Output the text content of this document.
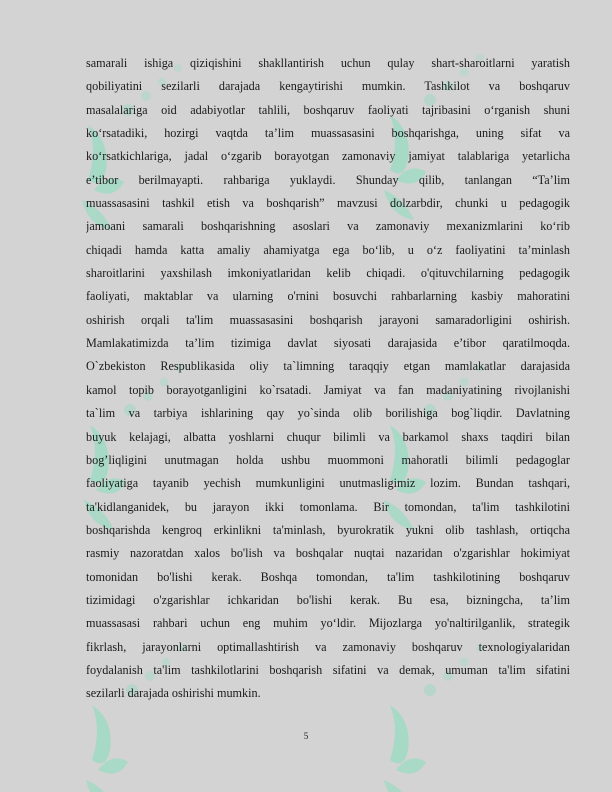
samarali ishiga qiziqishini shakllantirish uchun qulay shart-sharoitlarni yaratish
qobiliyatini sezilarli darajada kengaytirishi mumkin. Tashkilot va boshqaruv
masalalariga oid adabiyotlar tahlili, boshqaruv faoliyati tajribasini o‘rganish shuni
ko‘rsatadiki, hozirgi vaqtda ta’lim muassasasini boshqarishga, uning sifat va
ko‘rsatkichlariga, jadal o‘zgarib borayotgan zamonaviy jamiyat talablariga yetarlicha
e’tibor berilmayapti. rahbariga yuklaydi. Shunday qilib, tanlangan “Ta’lim
muassasasini tashkil etish va boshqarish” mavzusi dolzarbdir, chunki u pedagogik
jamoani samarali boshqarishning asoslari va zamonaviy mexanizmlarini ko‘rib
chiqadi hamda katta amaliy ahamiyatga ega bo‘lib, u o‘z faoliyatini ta’minlash
sharoitlarini yaxshilash imkoniyatlaridan kelib chiqadi. o'qituvchilarning pedagogik
faoliyati, maktablar va ularning o'rnini bosuvchi rahbarlarning kasbiy mahoratini
oshirish orqali ta'lim muassasasini boshqarish jarayoni samaradorligini oshirish.
Mamlakatimizda ta’lim tizimiga davlat siyosati darajasida e’tibor qaratilmoqda.
O`zbekiston Respublikasida oliy ta`limning taraqqiy etgan mamlakatlar darajasida
kamol topib borayotganligini ko`rsatadi. Jamiyat va fan madaniyatining rivojlanishi
ta`lim va tarbiya ishlarining qay yo`sinda olib borilishiga bog`liqdir. Davlatning
buyuk kelajagi, albatta yoshlarni chuqur bilimli va barkamol shaxs taqdiri bilan
bog’liqligini unutmagan holda ushbu muommoni mahoratli bilimli pedagoglar
faoliyatiga tayanib yechish mumkunligini unutmasligimiz lozim. Bundan tashqari,
ta'kidlanganidek, bu jarayon ikki tomonlama. Bir tomondan, ta'lim tashkilotini
boshqarishda kengroq erkinlikni ta'minlash, byurokratik yukni olib tashlash, ortiqcha
rasmiy nazoratdan xalos bo'lish va boshqalar nuqtai nazaridan o'zgarishlar hokimiyat
tomonidan bo'lishi kerak. Boshqa tomondan, ta'lim tashkilotining boshqaruv
tizimidagi o'zgarishlar ichkaridan bo'lishi kerak. Bu esa, bizningcha, ta’lim
muassasasi rahbari uchun eng muhim yo‘ldir. Mijozlarga yo'naltirilganlik, strategik
fikrlash, jarayonlarni optimallashtirish va zamonaviy boshqaruv texnologiyalaridan
foydalanish ta'lim tashkilotlarini boshqarish sifatini va demak, umuman ta'lim sifatini
sezilarli darajada oshirishi mumkin.
5
